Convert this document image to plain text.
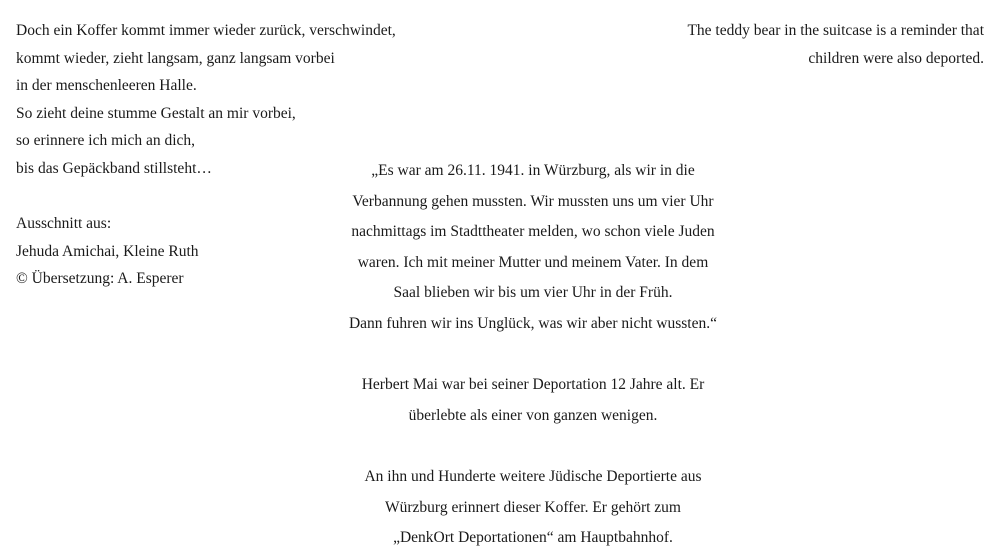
Doch ein Koffer kommt immer wieder zurück, verschwindet,
kommt wieder, zieht langsam, ganz langsam vorbei
in der menschenleeren Halle.
So zieht deine stumme Gestalt an mir vorbei,
so erinnere ich mich an dich,
bis das Gepäckband stillsteht…
Ausschnitt aus:
Jehuda Amichai, Kleine Ruth
© Übersetzung: A. Esperer
The teddy bear in the suitcase is a reminder that
children were also deported.
„Es war am 26.11. 1941. in Würzburg, als wir in die
Verbannung gehen mussten. Wir mussten uns um vier Uhr
nachmittags im Stadttheater melden, wo schon viele Juden
waren. Ich mit meiner Mutter und meinem Vater. In dem
Saal blieben wir bis um vier Uhr in der Früh.
Dann fuhren wir ins Unglück, was wir aber nicht wussten.“
Herbert Mai war bei seiner Deportation 12 Jahre alt. Er
überlebte als einer von ganzen wenigen.
An ihn und Hunderte weitere Jüdische Deportierte aus
Würzburg erinnert dieser Koffer. Er gehört zum
„DenkOrt Deportationen“ am Hauptbahnhof.
